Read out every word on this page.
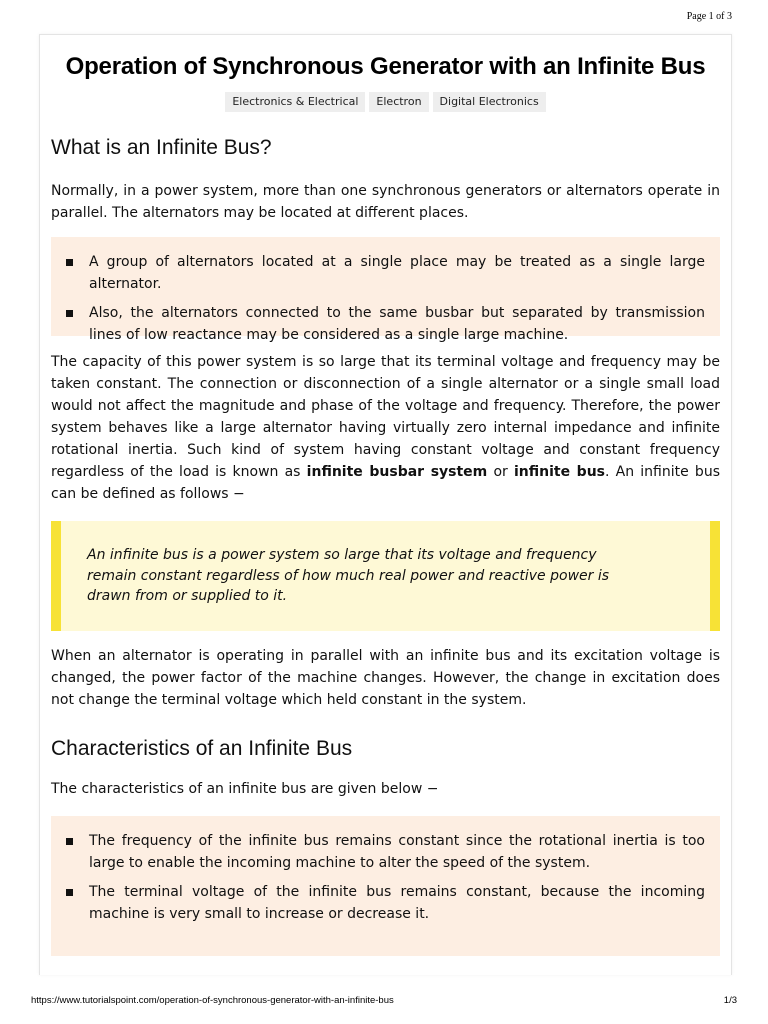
Page 1 of 3
Operation of Synchronous Generator with an Infinite Bus
Electronics & Electrical Electron Digital Electronics
What is an Infinite Bus?

Normally, in a power system, more than one synchronous generators or alternators operate in parallel. The alternators may be located at different places.

A group of alternators located at a single place may be treated as a single large alternator.
Also, the alternators connected to the same busbar but separated by transmission lines of low reactance may be considered as a single large machine.

The capacity of this power system is so large that its terminal voltage and frequency may be taken constant. The connection or disconnection of a single alternator or a single small load would not affect the magnitude and phase of the voltage and frequency. Therefore, the power system behaves like a large alternator having virtually zero internal impedance and infinite rotational inertia. Such kind of system having constant voltage and constant frequency regardless of the load is known as infinite busbar system or infinite bus. An infinite bus can be defined as follows −

An infinite bus is a power system so large that its voltage and frequency remain constant regardless of how much real power and reactive power is drawn from or supplied to it.

When an alternator is operating in parallel with an infinite bus and its excitation voltage is changed, the power factor of the machine changes. However, the change in excitation does not change the terminal voltage which held constant in the system.

Characteristics of an Infinite Bus

The characteristics of an infinite bus are given below −

The frequency of the infinite bus remains constant since the rotational inertia is too large to enable the incoming machine to alter the speed of the system.
The terminal voltage of the infinite bus remains constant, because the incoming machine is very small to increase or decrease it.
https://www.tutorialspoint.com/operation-of-synchronous-generator-with-an-infinite-bus	1/3
